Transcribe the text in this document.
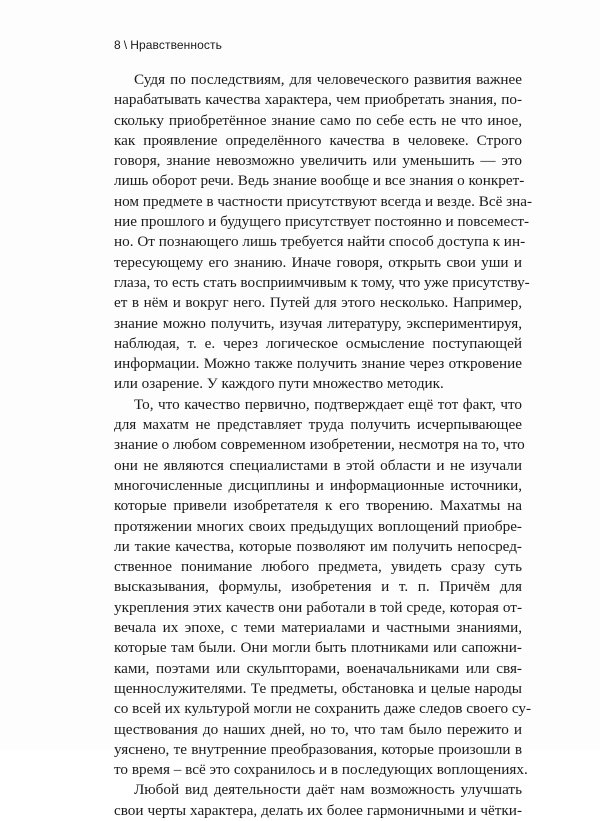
8 \ Нравственность
Судя по последствиям, для человеческого развития важнее
нарабатывать качества характера, чем приобретать знания, по-
скольку приобретённое знание само по себе есть не что иное,
как проявление определённого качества в человеке. Строго
говоря, знание невозможно увеличить или уменьшить — это
лишь оборот речи. Ведь знание вообще и все знания о конкрет-
ном предмете в частности присутствуют всегда и везде. Всё зна-
ние прошлого и будущего присутствует постоянно и повсемест-
но. От познающего лишь требуется найти способ доступа к ин-
тересующему его знанию. Иначе говоря, открыть свои уши и
глаза, то есть стать восприимчивым к тому, что уже присутству-
ет в нём и вокруг него. Путей для этого несколько. Например,
знание можно получить, изучая литературу, экспериментируя,
наблюдая, т. е. через логическое осмысление поступающей
информации. Можно также получить знание через откровение
или озарение. У каждого пути множество методик.
То, что качество первично, подтверждает ещё тот факт, что
для махатм не представляет труда получить исчерпывающее
знание о любом современном изобретении, несмотря на то, что
они не являются специалистами в этой области и не изучали
многочисленные дисциплины и информационные источники,
которые привели изобретателя к его творению. Махатмы на
протяжении многих своих предыдущих воплощений приобре-
ли такие качества, которые позволяют им получить непосред-
ственное понимание любого предмета, увидеть сразу суть
высказывания, формулы, изобретения и т. п. Причём для
укрепления этих качеств они работали в той среде, которая от-
вечала их эпохе, с теми материалами и частными знаниями,
которые там были. Они могли быть плотниками или сапожни-
ками, поэтами или скульпторами, военачальниками или свя-
щеннослужителями. Те предметы, обстановка и целые народы
со всей их культурой могли не сохранить даже следов своего су-
ществования до наших дней, но то, что там было пережито и
уяснено, те внутренние преобразования, которые произошли в
то время – всё это сохранилось и в последующих воплощениях.
Любой вид деятельности даёт нам возможность улучшать
свои черты характера, делать их более гармоничными и чётки-
